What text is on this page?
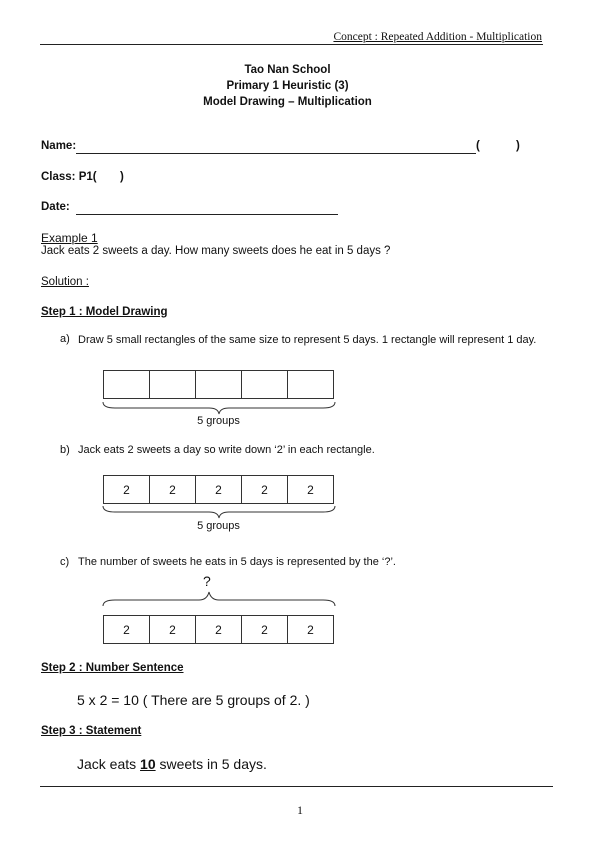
Concept : Repeated Addition - Multiplication
Tao Nan School
Primary 1 Heuristic (3)
Model Drawing – Multiplication
Name:	(	)
Class: P1( )
Date:
Example 1
Jack eats 2 sweets a day. How many sweets does he eat in 5 days ?
Solution :
Step 1 : Model Drawing
a) Draw 5 small rectangles of the same size to represent 5 days. 1 rectangle will represent 1 day.
5 groups
b) Jack eats 2 sweets a day so write down ‘2’ in each rectangle.
2	2	2	2	2
5 groups
c) The number of sweets he eats in 5 days is represented by the ‘?’.
?
2	2	2	2	2
Step 2 : Number Sentence
5 x 2 = 10 ( There are 5 groups of 2. )
Step 3 : Statement
Jack eats 10 sweets in 5 days.
1
